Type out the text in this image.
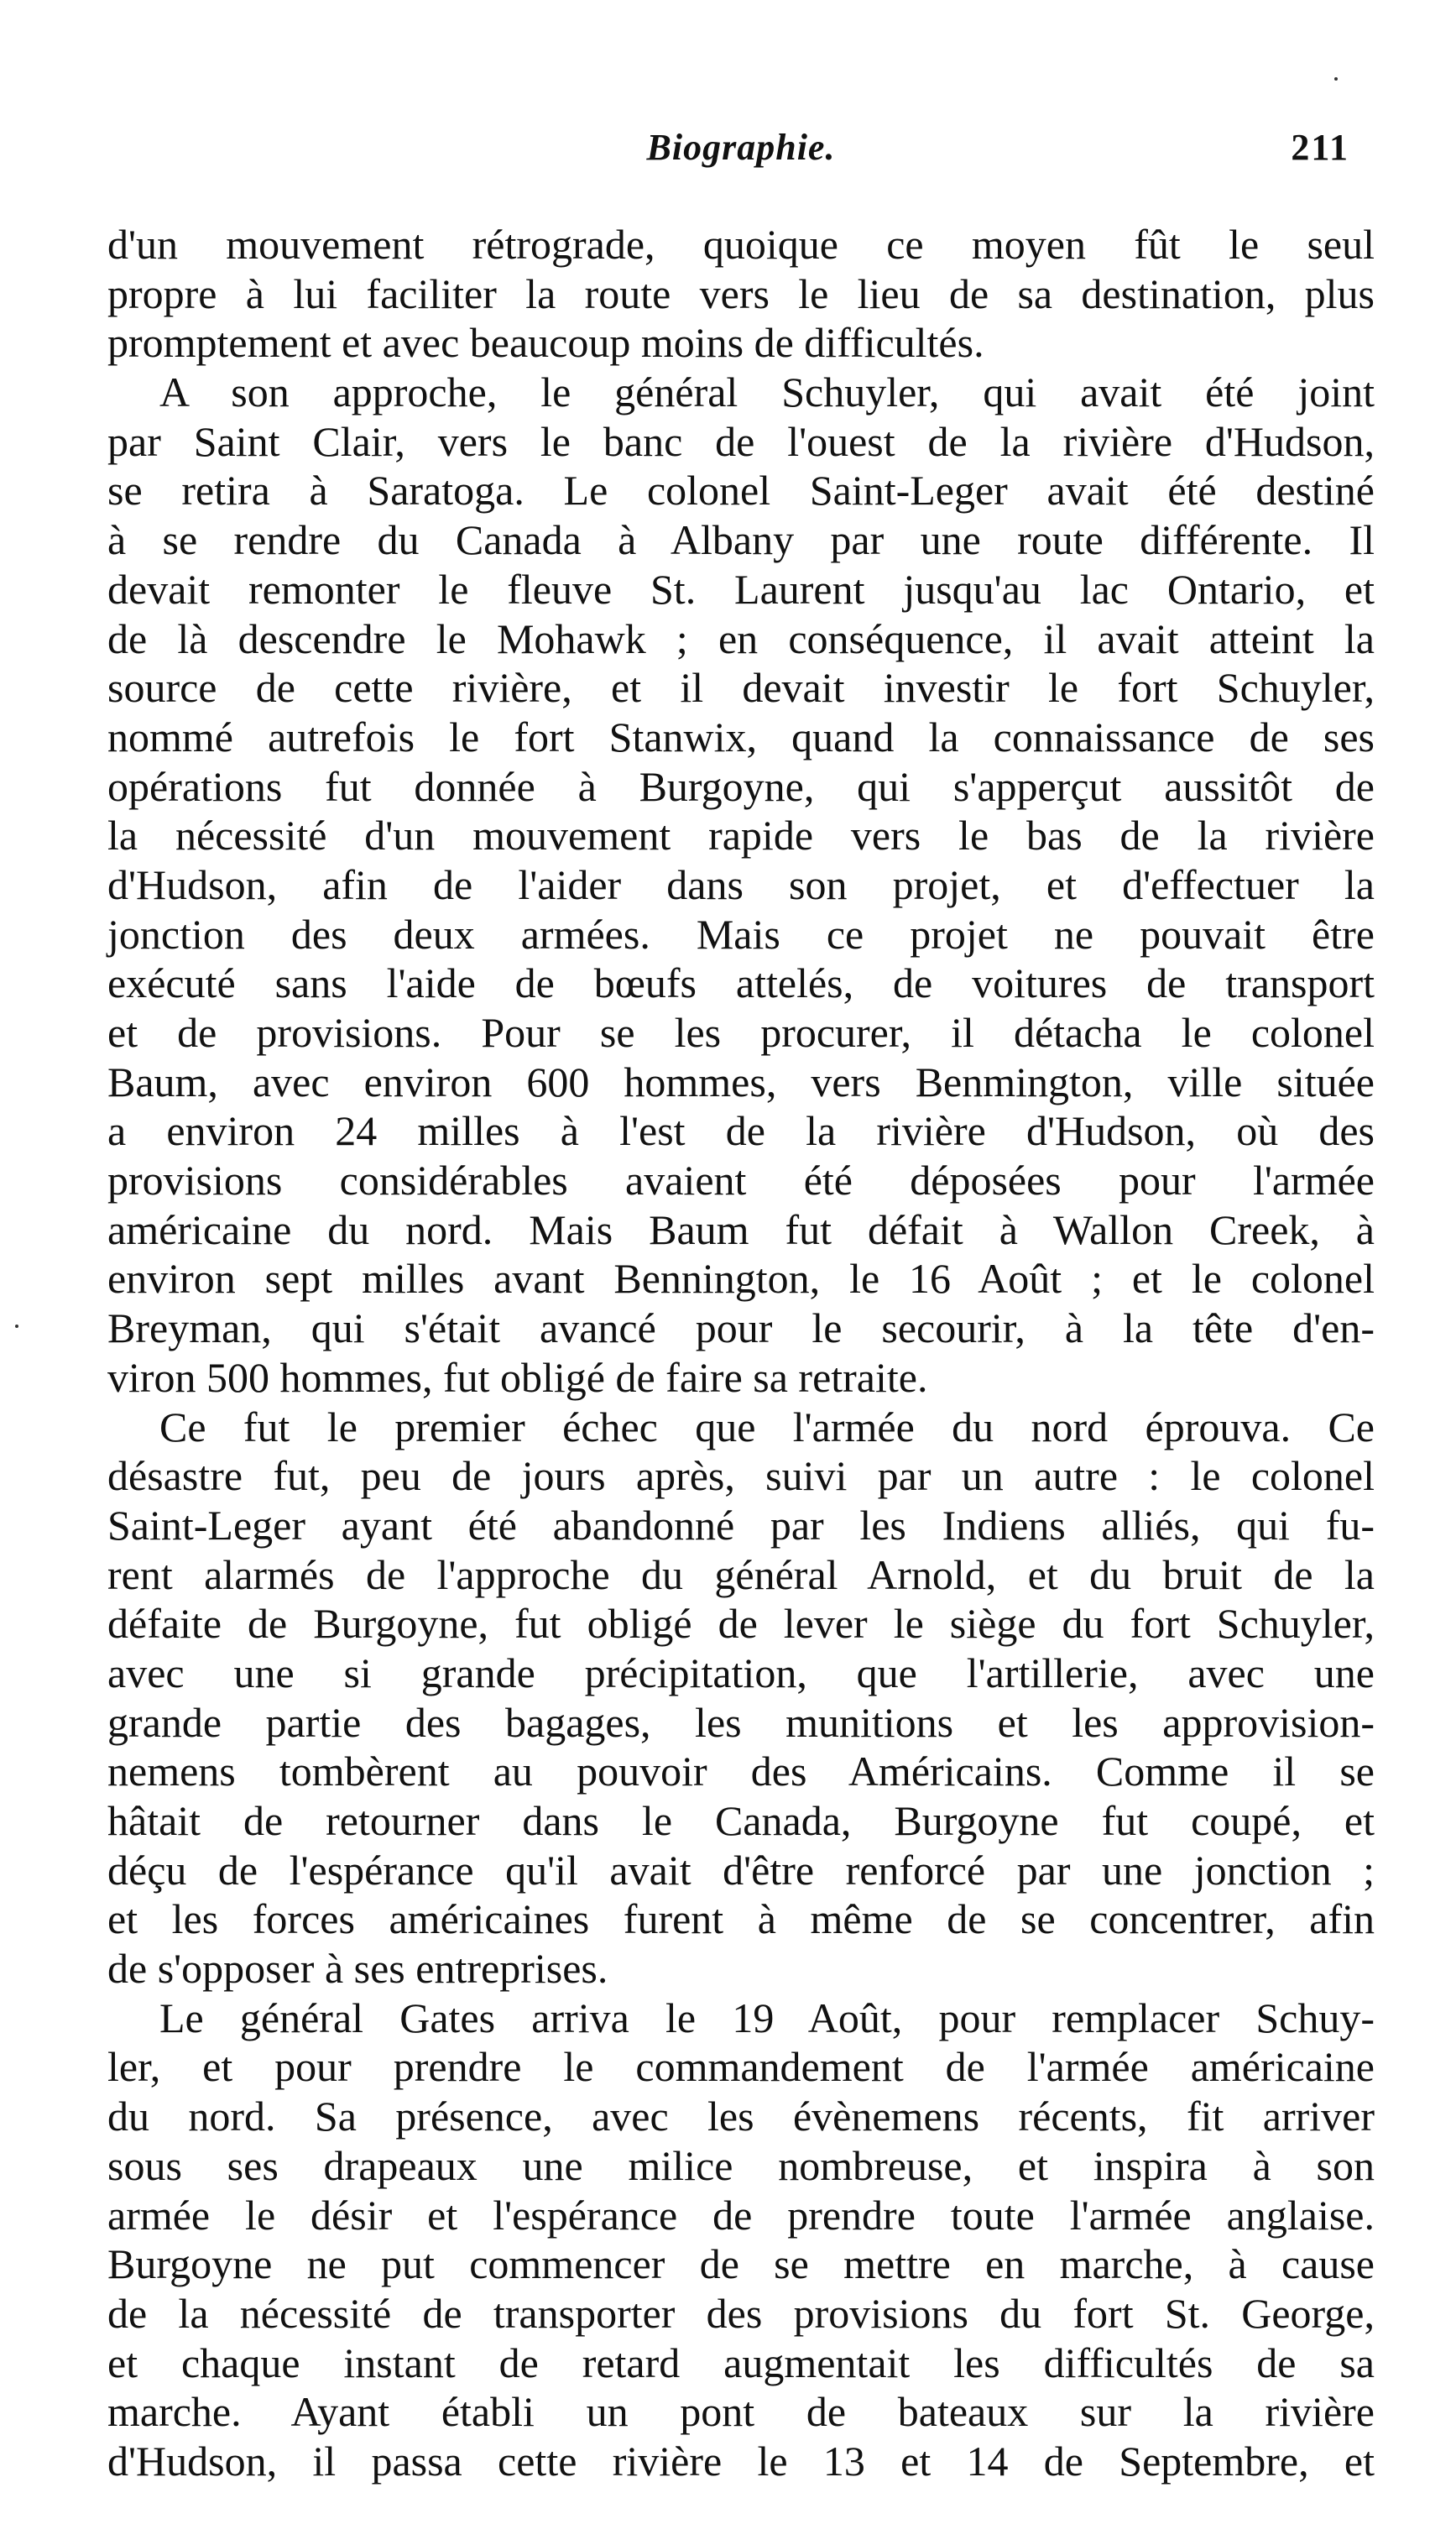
Biographie.	211
d'un mouvement rétrograde, quoique ce moyen fût le seul
propre à lui faciliter la route vers le lieu de sa destination, plus
promptement et avec beaucoup moins de difficultés.
A son approche, le général Schuyler, qui avait été joint
par Saint Clair, vers le banc de l'ouest de la rivière d'Hudson,
se retira à Saratoga. Le colonel Saint-Leger avait été destiné
à se rendre du Canada à Albany par une route différente. Il
devait remonter le fleuve St. Laurent jusqu'au lac Ontario, et
de là descendre le Mohawk ; en conséquence, il avait atteint la
source de cette rivière, et il devait investir le fort Schuyler,
nommé autrefois le fort Stanwix, quand la connaissance de ses
opérations fut donnée à Burgoyne, qui s'apperçut aussitôt de
la nécessité d'un mouvement rapide vers le bas de la rivière
d'Hudson, afin de l'aider dans son projet, et d'effectuer la
jonction des deux armées. Mais ce projet ne pouvait être
exécuté sans l'aide de bœufs attelés, de voitures de transport
et de provisions. Pour se les procurer, il détacha le colonel
Baum, avec environ 600 hommes, vers Benmington, ville située
a environ 24 milles à l'est de la rivière d'Hudson, où des
provisions considérables avaient été déposées pour l'armée
américaine du nord. Mais Baum fut défait à Wallon Creek, à
environ sept milles avant Bennington, le 16 Août ; et le colonel
Breyman, qui s'était avancé pour le secourir, à la tête d'en-
viron 500 hommes, fut obligé de faire sa retraite.
Ce fut le premier échec que l'armée du nord éprouva. Ce
désastre fut, peu de jours après, suivi par un autre : le colonel
Saint-Leger ayant été abandonné par les Indiens alliés, qui fu-
rent alarmés de l'approche du général Arnold, et du bruit de la
défaite de Burgoyne, fut obligé de lever le siège du fort Schuyler,
avec une si grande précipitation, que l'artillerie, avec une
grande partie des bagages, les munitions et les approvision-
nemens tombèrent au pouvoir des Américains. Comme il se
hâtait de retourner dans le Canada, Burgoyne fut coupé, et
déçu de l'espérance qu'il avait d'être renforcé par une jonction ;
et les forces américaines furent à même de se concentrer, afin
de s'opposer à ses entreprises.
Le général Gates arriva le 19 Août, pour remplacer Schuy-
ler, et pour prendre le commandement de l'armée américaine
du nord. Sa présence, avec les évènemens récents, fit arriver
sous ses drapeaux une milice nombreuse, et inspira à son
armée le désir et l'espérance de prendre toute l'armée anglaise.
Burgoyne ne put commencer de se mettre en marche, à cause
de la nécessité de transporter des provisions du fort St. George,
et chaque instant de retard augmentait les difficultés de sa
marche. Ayant établi un pont de bateaux sur la rivière
d'Hudson, il passa cette rivière le 13 et 14 de Septembre, et
